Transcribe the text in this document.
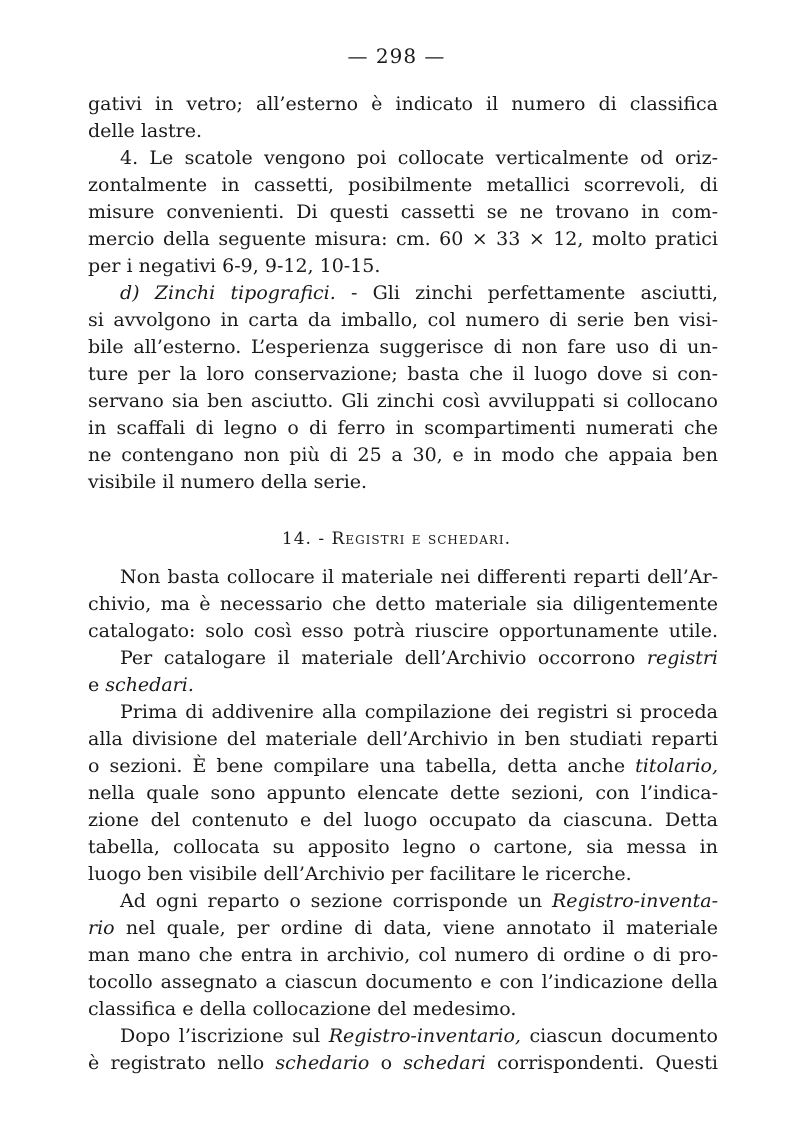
— 298 —
gativi in vetro; all’esterno è indicato il numero di classifica
delle lastre.
4. Le scatole vengono poi collocate verticalmente od oriz-
zontalmente in cassetti, posibilmente metallici scorrevoli, di
misure convenienti. Di questi cassetti se ne trovano in com-
mercio della seguente misura: cm. 60 × 33 × 12, molto pratici
per i negativi 6-9, 9-12, 10-15.
d) Zinchi tipografici. - Gli zinchi perfettamente asciutti,
si avvolgono in carta da imballo, col numero di serie ben visi-
bile all’esterno. L’esperienza suggerisce di non fare uso di un-
ture per la loro conservazione; basta che il luogo dove si con-
servano sia ben asciutto. Gli zinchi così avviluppati si collocano
in scaffali di legno o di ferro in scompartimenti numerati che
ne contengano non più di 25 a 30, e in modo che appaia ben
visibile il numero della serie.
14. - Registri e schedari.
Non basta collocare il materiale nei differenti reparti dell’Ar-
chivio, ma è necessario che detto materiale sia diligentemente
catalogato: solo così esso potrà riuscire opportunamente utile.
Per catalogare il materiale dell’Archivio occorrono registri
e schedari.
Prima di addivenire alla compilazione dei registri si proceda
alla divisione del materiale dell’Archivio in ben studiati reparti
o sezioni. È bene compilare una tabella, detta anche titolario,
nella quale sono appunto elencate dette sezioni, con l’indica-
zione del contenuto e del luogo occupato da ciascuna. Detta
tabella, collocata su apposito legno o cartone, sia messa in
luogo ben visibile dell’Archivio per facilitare le ricerche.
Ad ogni reparto o sezione corrisponde un Registro-inventa-
rio nel quale, per ordine di data, viene annotato il materiale
man mano che entra in archivio, col numero di ordine o di pro-
tocollo assegnato a ciascun documento e con l’indicazione della
classifica e della collocazione del medesimo.
Dopo l’iscrizione sul Registro-inventario, ciascun documento
è registrato nello schedario o schedari corrispondenti. Questi
